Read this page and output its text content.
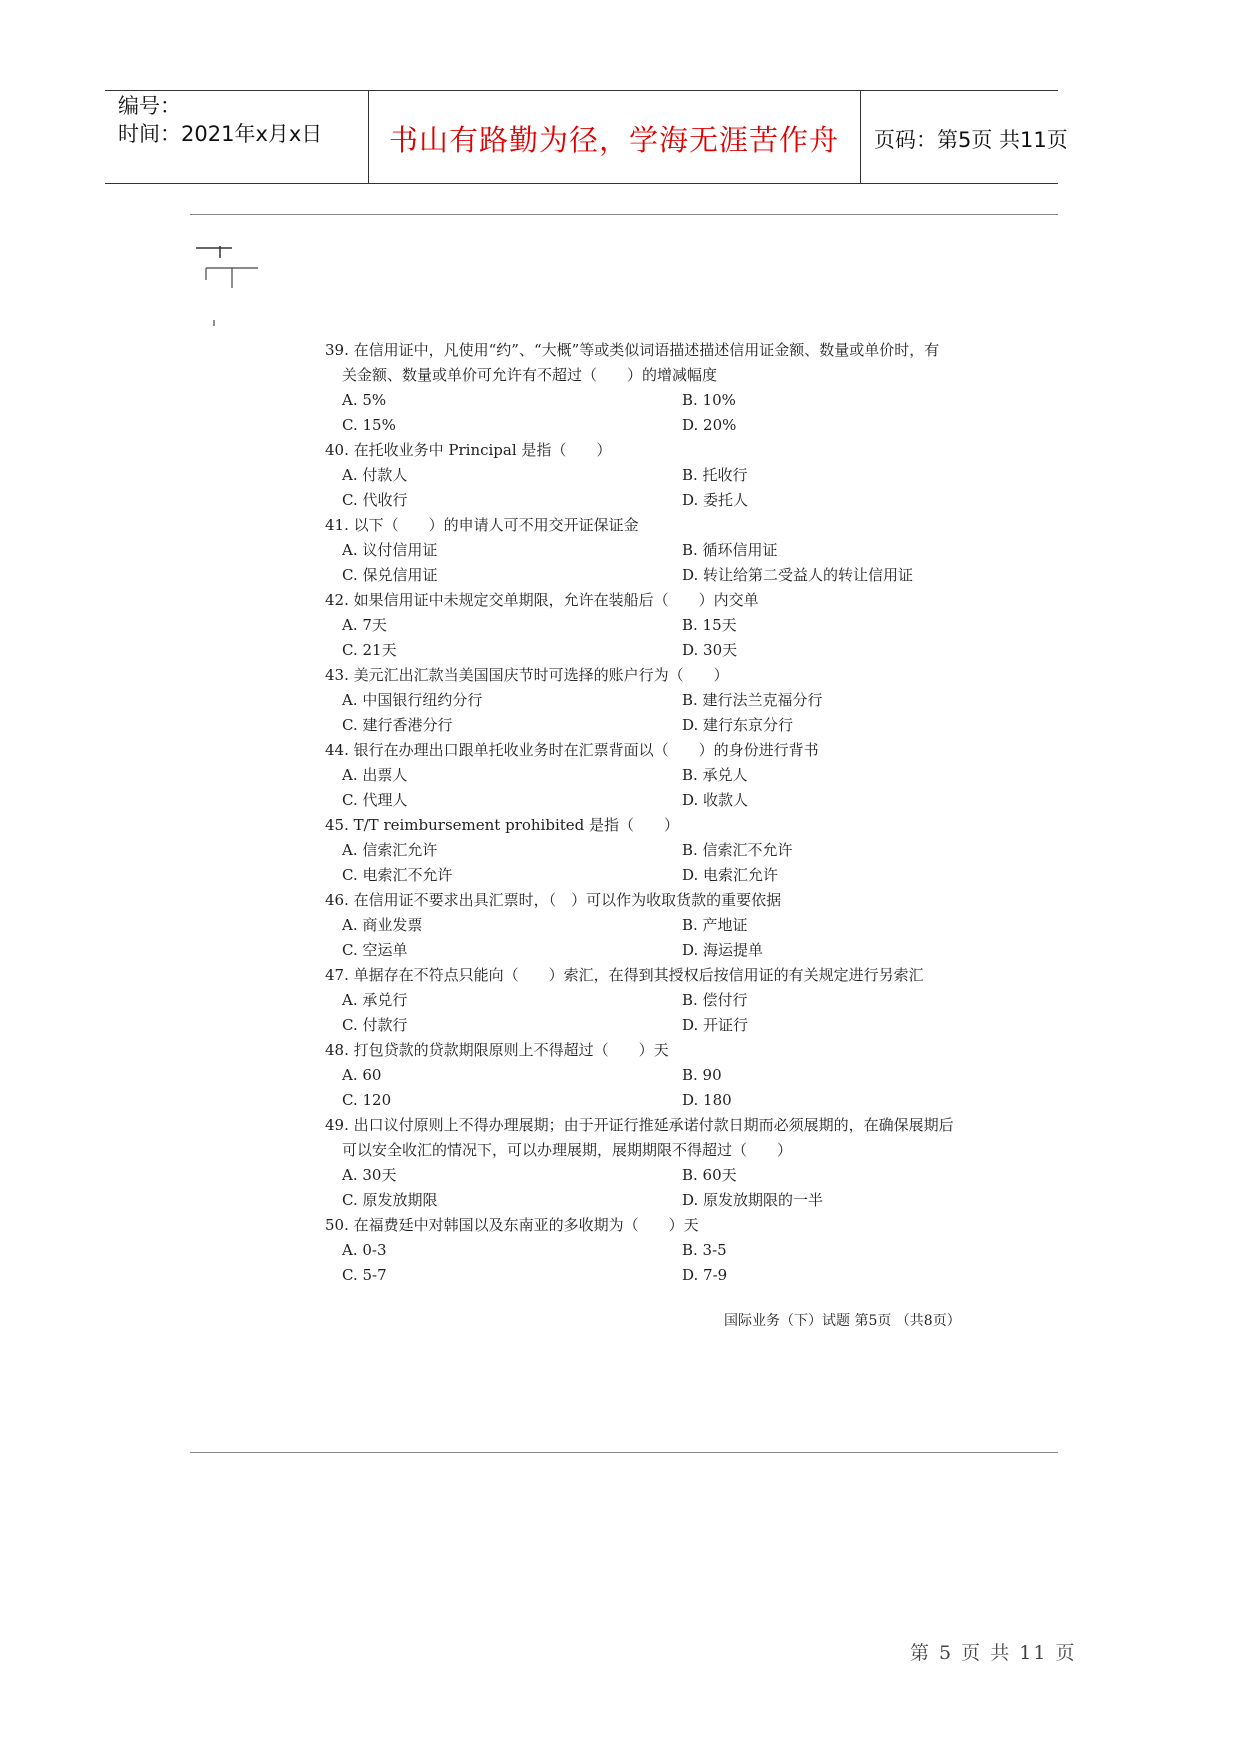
编号：
时间：2021年x月x日	书山有路勤为径，学海无涯苦作舟	页码：第5页 共11页
39. 在信用证中，凡使用“约”、“大概”等或类似词语描述描述信用证金额、数量或单价时，有
关金额、数量或单价可允许有不超过（　　）的增减幅度
A. 5%	B. 10%
C. 15%	D. 20%
40. 在托收业务中 Principal 是指（　　）
A. 付款人	B. 托收行
C. 代收行	D. 委托人
41. 以下（　　）的申请人可不用交开证保证金
A. 议付信用证	B. 循环信用证
C. 保兑信用证	D. 转让给第二受益人的转让信用证
42. 如果信用证中未规定交单期限，允许在装船后（　　）内交单
A. 7天	B. 15天
C. 21天	D. 30天
43. 美元汇出汇款当美国国庆节时可选择的账户行为（　　）
A. 中国银行纽约分行	B. 建行法兰克福分行
C. 建行香港分行	D. 建行东京分行
44. 银行在办理出口跟单托收业务时在汇票背面以（　　）的身份进行背书
A. 出票人	B. 承兑人
C. 代理人	D. 收款人
45. T/T reimbursement prohibited 是指（　　）
A. 信索汇允许	B. 信索汇不允许
C. 电索汇不允许	D. 电索汇允许
46. 在信用证不要求出具汇票时，（　）可以作为收取货款的重要依据
A. 商业发票	B. 产地证
C. 空运单	D. 海运提单
47. 单据存在不符点只能向（　　）索汇，在得到其授权后按信用证的有关规定进行另索汇
A. 承兑行	B. 偿付行
C. 付款行	D. 开证行
48. 打包贷款的贷款期限原则上不得超过（　　）天
A. 60	B. 90
C. 120	D. 180
49. 出口议付原则上不得办理展期；由于开证行推延承诺付款日期而必须展期的，在确保展期后
可以安全收汇的情况下，可以办理展期，展期期限不得超过（　　）
A. 30天	B. 60天
C. 原发放期限	D. 原发放期限的一半
50. 在福费廷中对韩国以及东南亚的多收期为（　　）天
A. 0-3	B. 3-5
C. 5-7	D. 7-9
国际业务（下）试题 第5页 （共8页）
第 5 页 共 11 页
